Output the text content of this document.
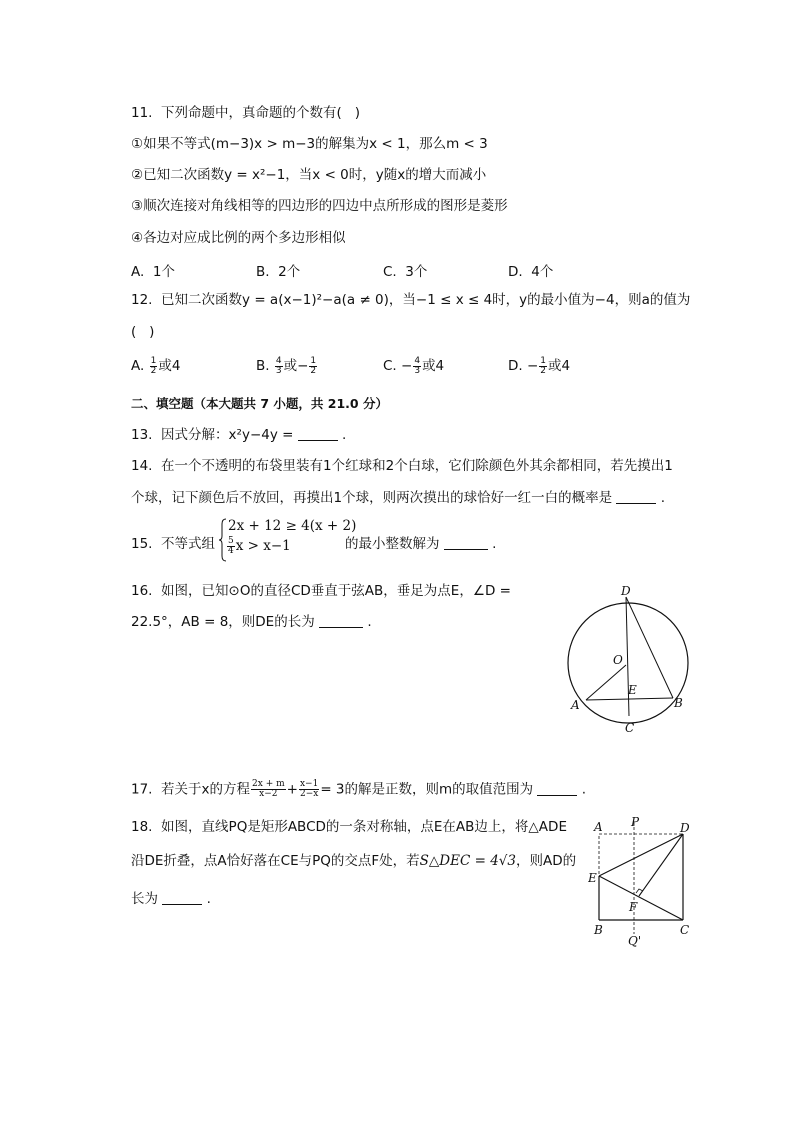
11.  下列命题中，真命题的个数有(   )
①如果不等式(m−3)x > m−3的解集为x < 1，那么m < 3
②已知二次函数y = x²−1，当x < 0时，y随x的增大而减小
③顺次连接对角线相等的四边形的四边中点所形成的图形是菱形
④各边对应成比例的两个多边形相似
A.  1个	B.  2个	C.  3个	D.  4个
12.  已知二次函数y = a(x−1)²−a(a ≠ 0)，当−1 ≤ x ≤ 4时，y的最小值为−4，则a的值为
(   )
A. $\frac{1}{2}$ 或4	B. $\frac{4}{3}$ 或− $\frac{1}{2}$	C. − $\frac{4}{3}$ 或4	D. − $\frac{1}{2}$ 或4
二、填空题（本大题共 7 小题，共 21.0 分）
13.  因式分解：x²y−4y =	.
14.  在一个不透明的布袋里装有1个红球和2个白球，它们除颜色外其余都相同，若先摸出1
个球，记下颜色后不放回，再摸出1个球，则两次摸出的球恰好一红一白的概率是	.
15.  不等式组
2x + 12 ≥ 4(x + 2)
$\frac{5}{4}$ x > x−1	的最小整数解为	.
16.  如图，已知⊙O的直径CD垂直于弦AB，垂足为点E，∠D =
22.5°，AB = 8，则DE的长为	.
D
O
E
A	B
C
17.  若关于x的方程 $\frac{2x + m}{x-2} + \frac{x-1}{2-x} = 3$的解是正数，则m的取值范围为	.
18.  如图，直线PQ是矩形ABCD的一条对称轴，点E在AB边上，将△ADE
沿DE折叠，点A恰好落在CE与PQ的交点F处，若S△DEC = 4√3，则AD的
长为	.
A P	D
E
F
B
Q'
C
